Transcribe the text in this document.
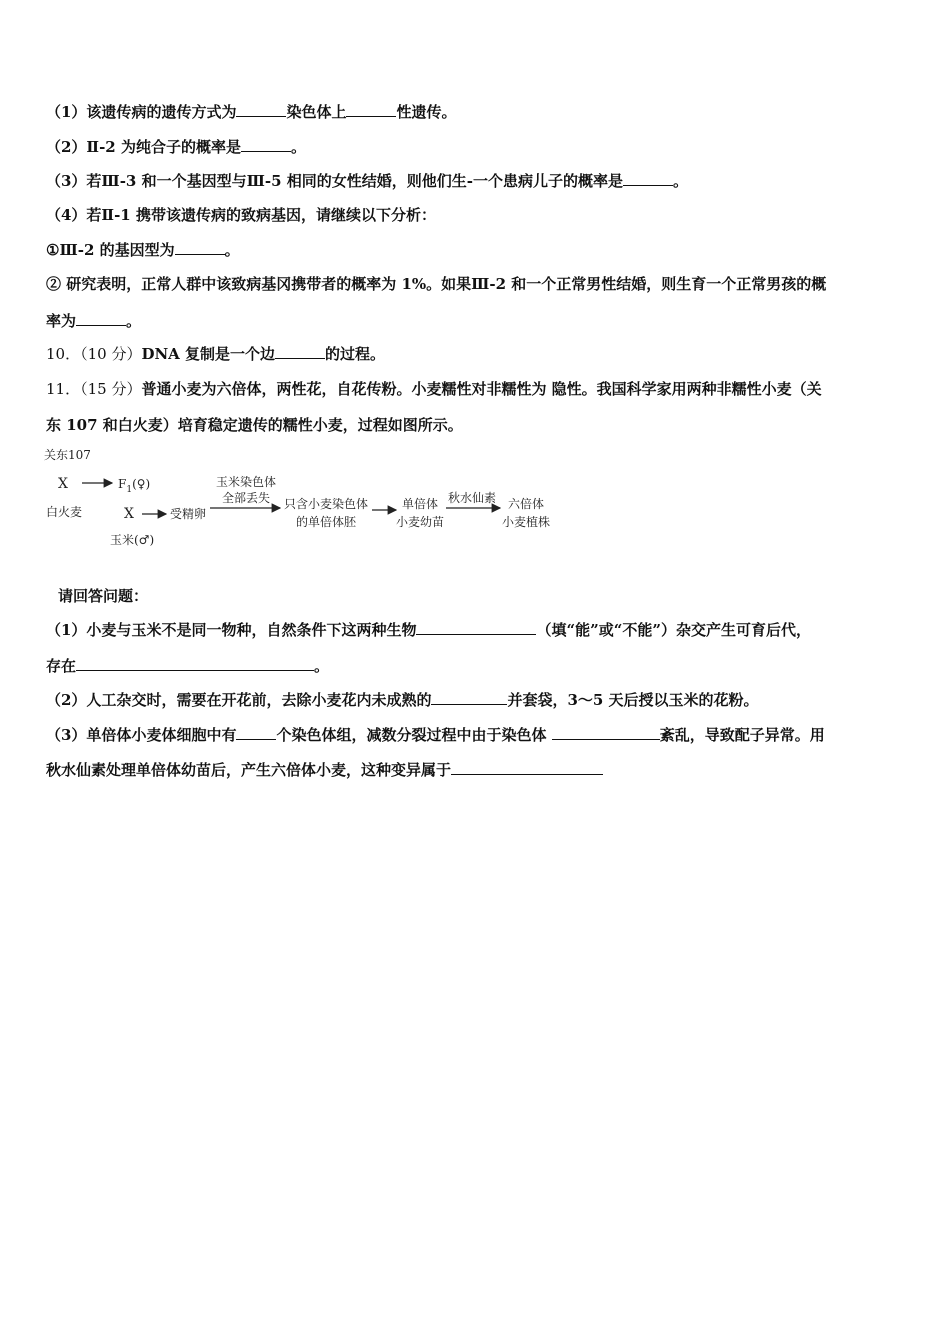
（1）该遗传病的遗传方式为	染色体上	性遗传。
（2）Ⅱ-2 为纯合子的概率是	。
（3）若Ⅲ-3 和一个基因型与Ⅲ-5 相同的女性结婚，则他们生-一个患病儿子的概率是	。
（4）若Ⅱ-1 携带该遗传病的致病基因，请继续以下分析：
①Ⅲ-2 的基因型为	。
② 研究表明，正常人群中该致病基冈携带者的概率为 1%。如果Ⅲ-2 和一个正常男性结婚，则生育一个正常男孩的概
率为	。
10．（10 分）DNA 复制是一个边	的过程。
11．（15 分）普通小麦为六倍体，两性花，自花传粉。小麦糯性对非糯性为 隐性。我国科学家用两种非糯性小麦（关
东 107 和白火麦）培育稳定遗传的糯性小麦，过程如图所示。
关东107
X	$F_1(♀)$
白火麦	X	受精卵
玉米(♂)
玉米染色体
全部丢失 只含小麦染色体
的单倍体胚
单倍体
小麦幼苗
秋水仙素 六倍体
小麦植株
请回答问题：
（1）小麦与玉米不是同一物种，自然条件下这两种生物	（填“能”或“不能”）杂交产生可育后代，
存在	。
（2）人工杂交时，需要在开花前，去除小麦花内未成熟的	并套袋，3～5 天后授以玉米的花粉。
（3）单倍体小麦体细胞中有	个染色体组，减数分裂过程中由于染色体	紊乱，导致配子异常。用
秋水仙素处理单倍体幼苗后，产生六倍体小麦，这种变异属于
